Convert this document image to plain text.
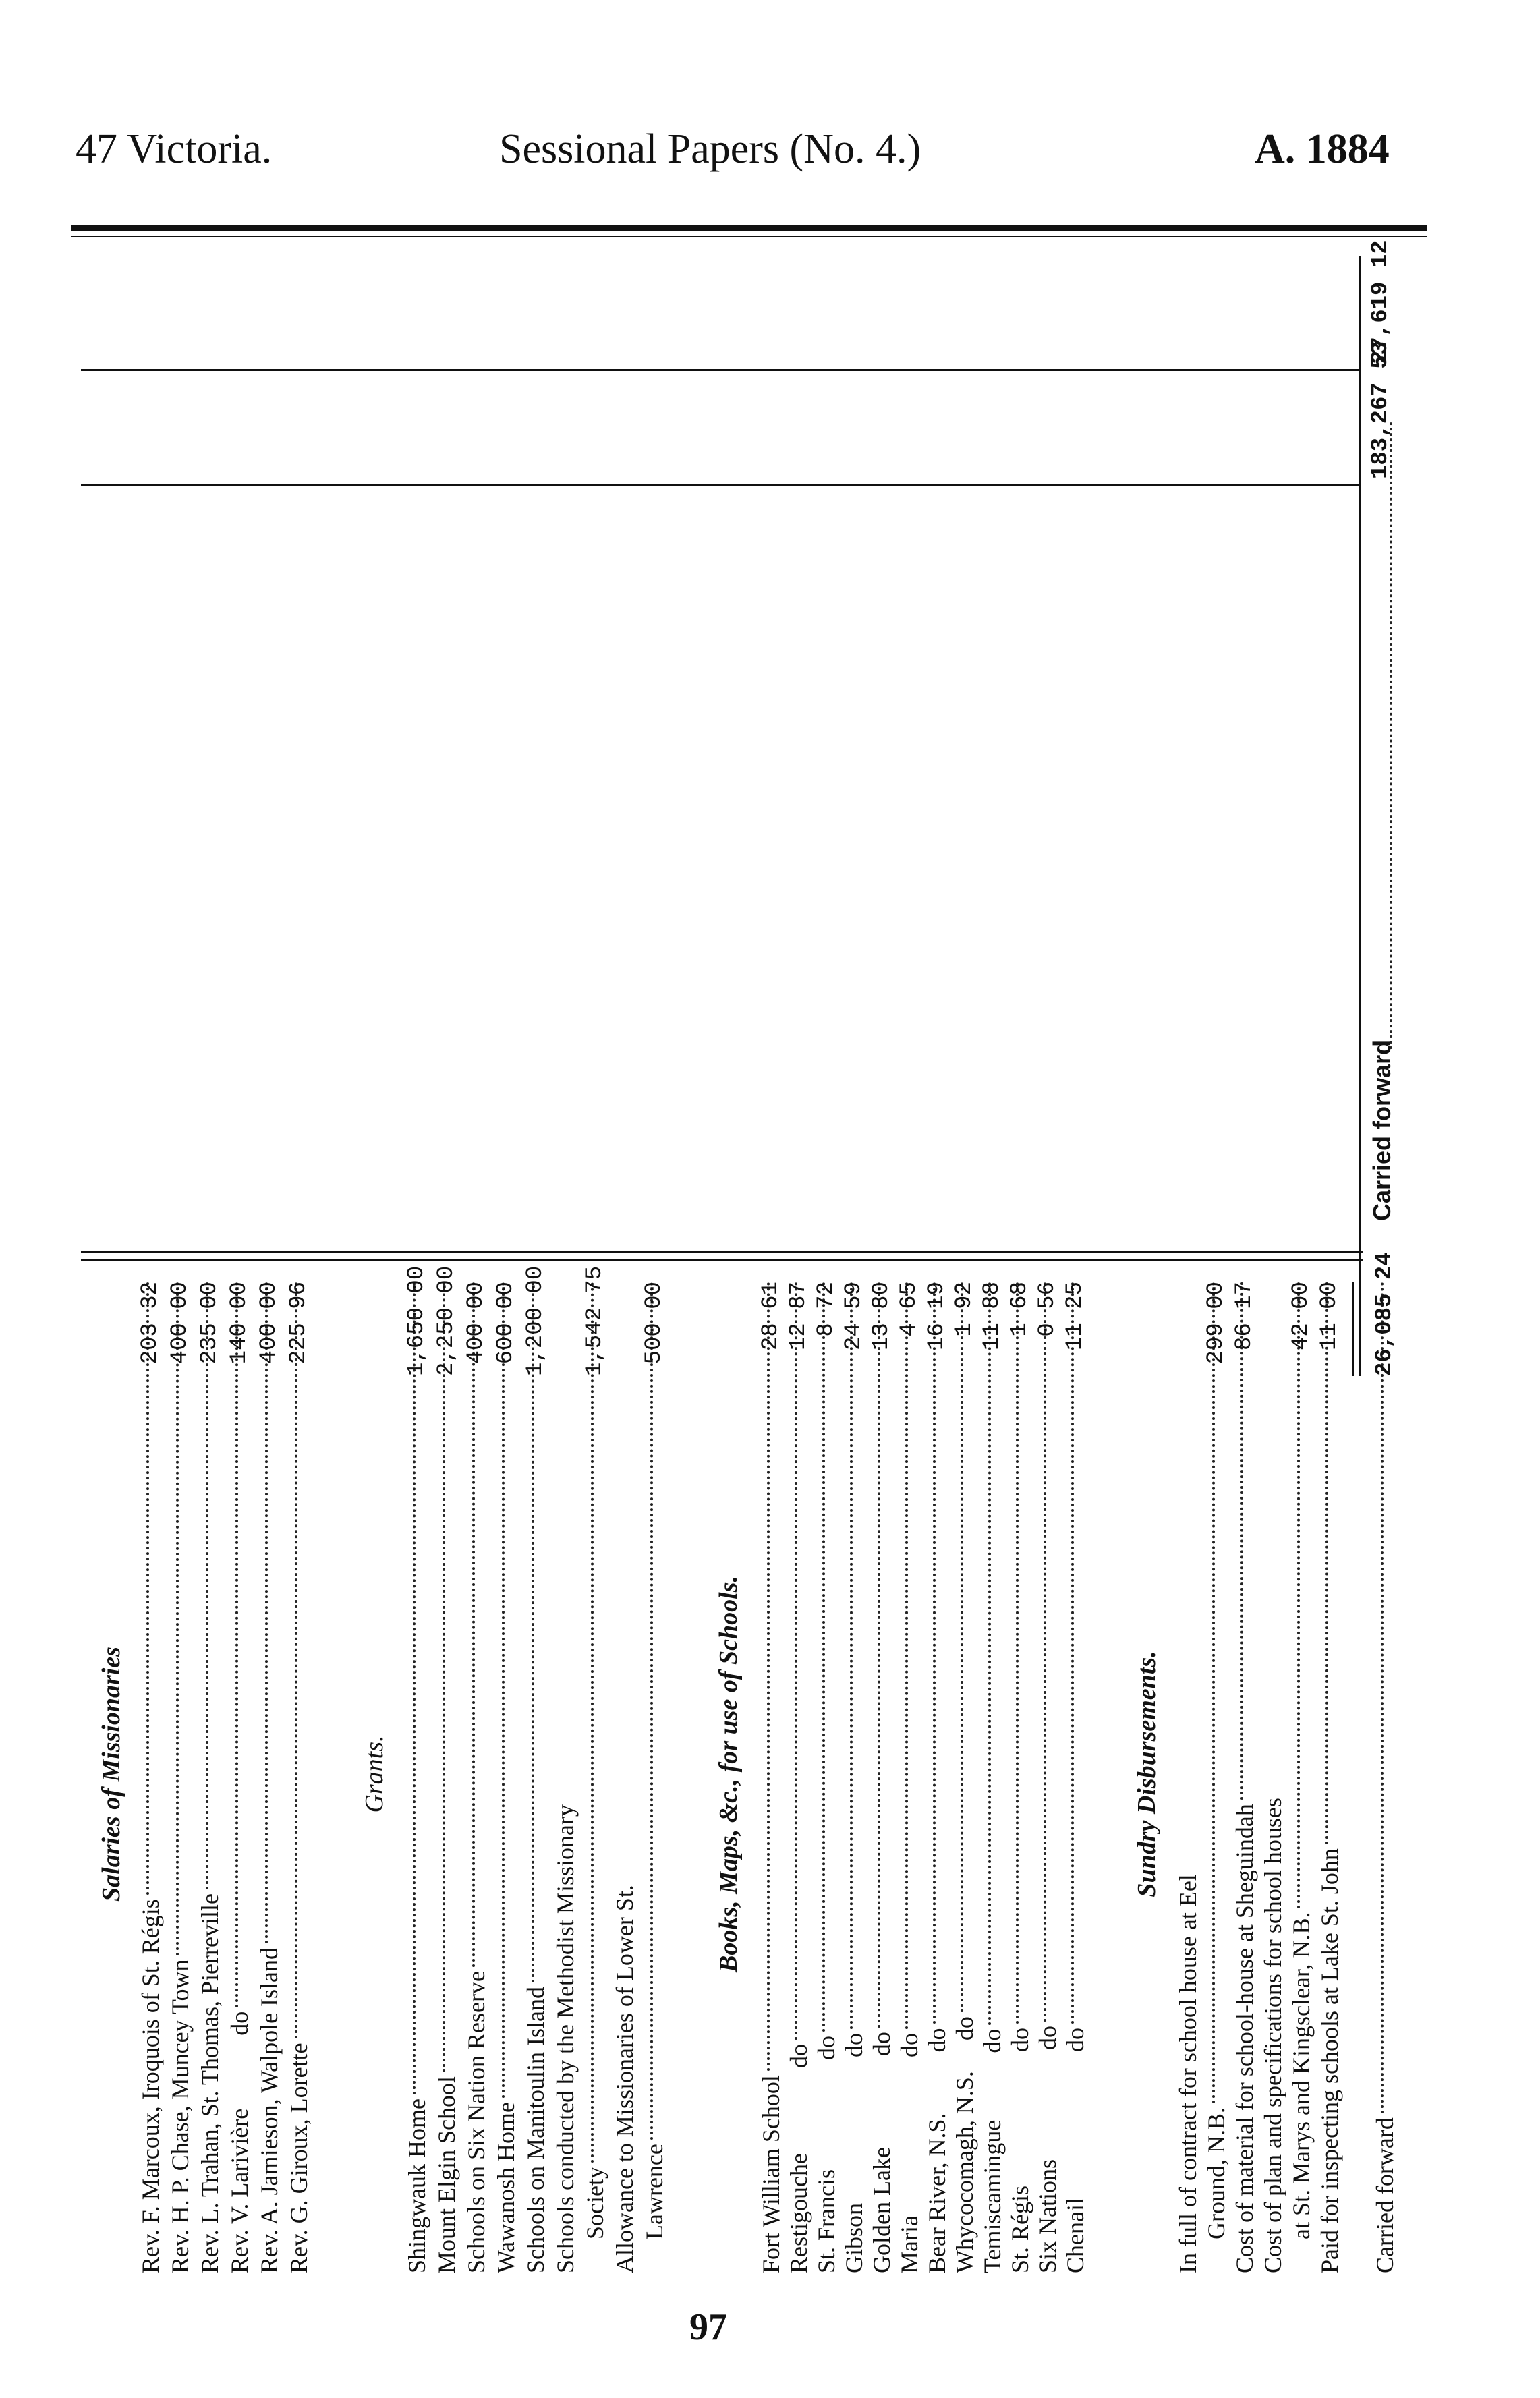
47 Victoria.	Sessional Papers (No. 4.)	A. 1884
Salaries of Missionaries
Rev. F. Marcoux, Iroquois of St. Régis
203 32
Rev. H. P. Chase, Muncey Town
400 00
Rev. L. Trahan, St. Thomas, Pierreville
235 00
Rev. V. Larivière            do
140 00
Rev. A. Jamieson, Walpole Island
400 00
Rev. G. Giroux, Lorette
225 96
Grants.
Shingwauk Home
1,650 00
Mount Elgin School
2,250 00
Schools on Six Nation Reserve
400 00
Wawanosh Home
600 00
Schools on Manitoulin Island
1,200 00
Schools conducted by the Methodist Missionary Society
1,542 75
Allowance to Missionaries of Lower St. Lawrence
500 00
Books, Maps, &c., for use of Schools.
Fort William School
28 61
Restigouche              do
12 87
St. Francis                  do
8 72
Gibson                        do
24 59
Golden Lake               do
13 80
Maria                          do
4 65
Bear River, N.S.          do
16 19
Whycocomagh, N.S.     do
1 92
Temiscamingue           do
11 88
St. Régis                      do
1 68
Six Nations                  do
0 56
Chenail                        do
11 25
Sundry Disbursements.
In full of contract for school house at Eel Ground, N.B.
299 00
Cost of material for school-house at Sheguindah
86 17
Cost of plan and specifications for school houses at St. Marys and Kingsclear, N.B.
42 00
Paid for inspecting schools at Lake St. John
11 00
Carried forward
26,085 24
Carried forward
183,267 53
27,619 12
97
